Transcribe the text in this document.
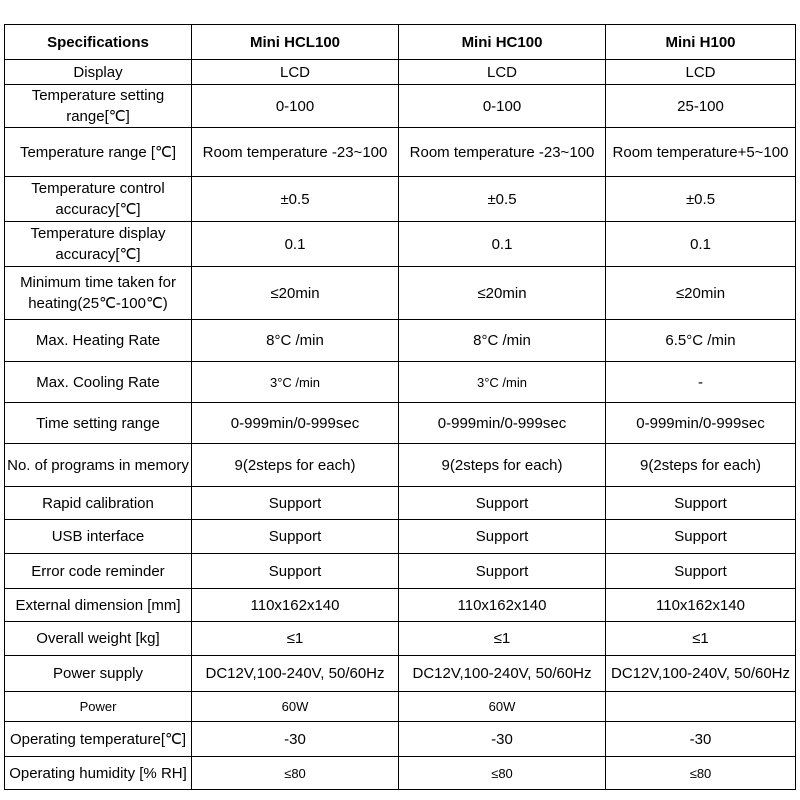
Specifications	Mini HCL100	Mini HC100	Mini H100
Display	LCD	LCD	LCD
Temperature setting range[℃]	0-100	0-100	25-100
Temperature range [℃]	Room temperature -23~100	Room temperature -23~100	Room temperature+5~100
Temperature control accuracy[℃]	±0.5	±0.5	±0.5
Temperature display accuracy[℃]	0.1	0.1	0.1
Minimum time taken for heating(25℃-100℃)	≤20min	≤20min	≤20min
Max. Heating Rate	8°C /min	8°C /min	6.5°C /min
Max. Cooling Rate	3°C /min	3°C /min	-
Time setting range	0-999min/0-999sec	0-999min/0-999sec	0-999min/0-999sec
No. of programs in memory	9(2steps for each)	9(2steps for each)	9(2steps for each)
Rapid calibration	Support	Support	Support
USB interface	Support	Support	Support
Error code reminder	Support	Support	Support
External dimension [mm]	110x162x140	110x162x140	110x162x140
Overall weight [kg]	≤1	≤1	≤1
Power supply	DC12V,100-240V, 50/60Hz	DC12V,100-240V, 50/60Hz	DC12V,100-240V, 50/60Hz
Power	60W	60W	
Operating temperature[℃]	-30	-30	-30
Operating humidity [% RH]	≤80	≤80	≤80
